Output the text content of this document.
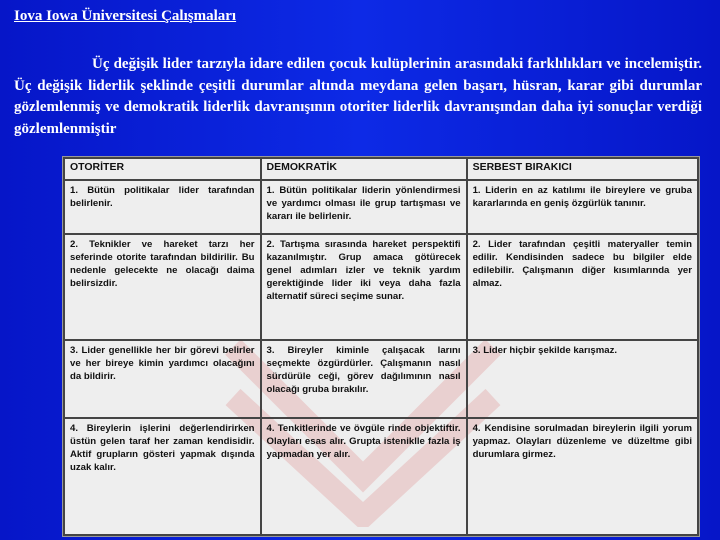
Iova Iowa Üniversitesi Çalışmaları
Üç değişik lider tarzıyla idare edilen çocuk kulüplerinin arasındaki farklılıkları ve incelemiştir. Üç değişik liderlik şeklinde çeşitli durumlar altında meydana gelen başarı, hüsran, karar gibi durumlar gözlemlenmiş ve demokratik liderlik davranışının otoriter liderlik davranışından daha iyi sonuçlar verdiği gözlemlenmiştir
OTORİTER	DEMOKRATİK	SERBEST BIRAKICI
1. Bütün politikalar lider tarafından belirlenir.	1. Bütün politikalar liderin yönlendirmesi ve yardımcı olması ile grup tartışması ve kararı ile belirlenir.	1. Liderin en az katılımı ile bireylere ve gruba kararlarında en geniş özgürlük tanınır.
2. Teknikler ve hareket tarzı her seferinde otorite tarafından bildirilir. Bu nedenle gelecekte ne olacağı daima belirsizdir.	2. Tartışma sırasında hareket perspektifi kazanılmıştır. Grup amaca götürecek genel adımları izler ve teknik yardım gerektiğinde lider iki veya daha fazla alternatif süreci seçime sunar.	2. Lider tarafından çeşitli materyaller temin edilir. Kendisinden sadece bu bilgiler elde edilebilir. Çalışmanın diğer kısımlarında yer almaz.
3. Lider genellikle her bir görevi belirler ve her bireye kimin yardımcı olacağını da bildirir.	3. Bireyler kiminle çalışacak larını seçmekte özgürdürler. Çalışmanın nasıl sürdürüle ceği, görev dağılımının nasıl olacağı gruba bırakılır.	3. Lider hiçbir şekilde karışmaz.
4. Bireylerin işlerini değerlendirirken üstün gelen taraf her zaman kendisidir. Aktif grupların gösteri yapmak dışında uzak kalır.	4. Tenkitlerinde ve övgüle rinde objektiftir. Olayları esas alır. Grupta isteniklle fazla iş yapmadan yer alır.	4. Kendisine sorulmadan bireylerin ilgili yorum yapmaz. Olayları düzenleme ve düzeltme gibi durumlara girmez.
